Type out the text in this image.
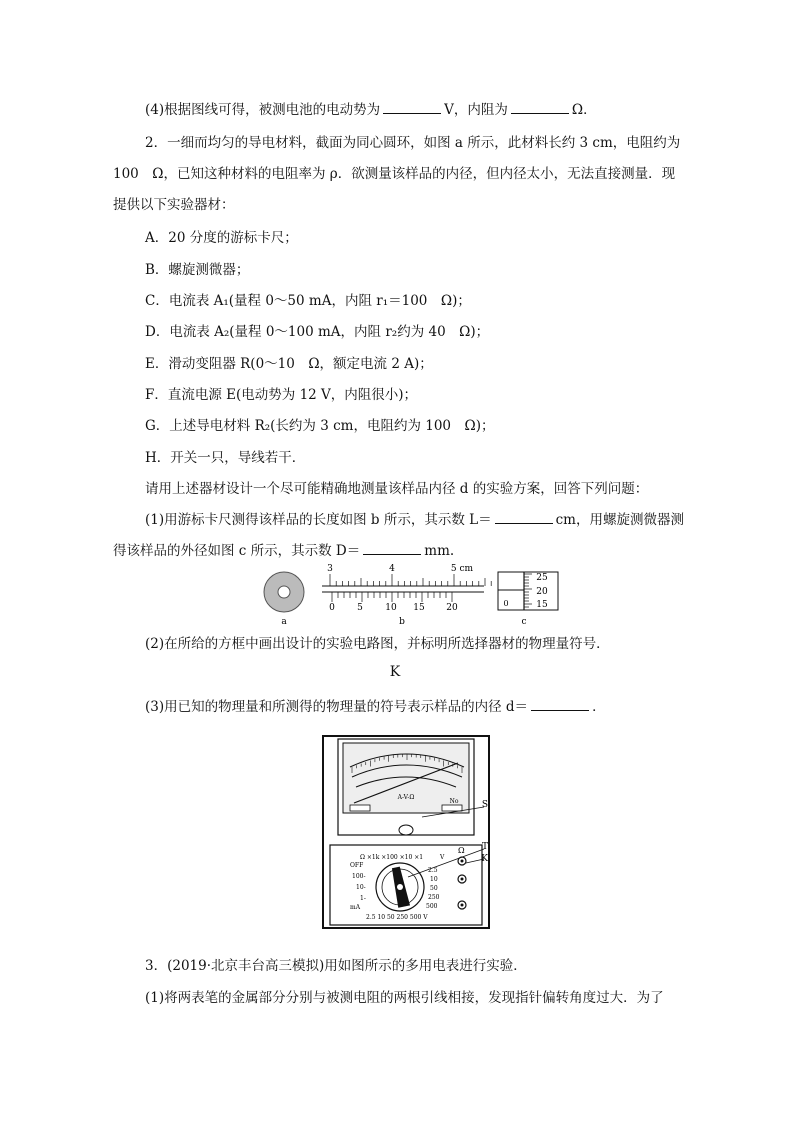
(4)根据图线可得，被测电池的电动势为	V，内阻为	Ω．
2．一细而均匀的导电材料，截面为同心圆环，如图 a 所示，此材料长约 3 cm，电阻约为
100　Ω，已知这种材料的电阻率为 ρ．欲测量该样品的内径，但内径太小，无法直接测量．现
提供以下实验器材：
A．20 分度的游标卡尺；
B．螺旋测微器；
C．电流表 A₁(量程 0～50 mA，内阻 r₁＝100　Ω)；
D．电流表 A₂(量程 0～100 mA，内阻 r₂约为 40　Ω)；
E．滑动变阻器 R(0～10　Ω，额定电流 2 A)；
F．直流电源 E(电动势为 12 V，内阻很小)；
G．上述导电材料 R₂(长约为 3 cm，电阻约为 100　Ω)；
H．开关一只，导线若干．
请用上述器材设计一个尽可能精确地测量该样品内径 d 的实验方案，回答下列问题：
(1)用游标卡尺测得该样品的长度如图 b 所示，其示数 L＝	cm，用螺旋测微器测
得该样品的外径如图 c 所示，其示数 D＝	mm.
a
3	4	5 cm
0 5 10 15 20
b
25
20
15
0
c
(2)在所给的方框中画出设计的实验电路图，并标明所选择器材的物理量符号．
K
(3)用已知的物理量和所测得的物理量的符号表示样品的内径 d＝	．
A-V-Ω
No	S
Ω ×1k ×100 ×10 ×1	V
OFF
100-
10-
1-
2.5
10
50
250
500
mA
2.5 10 50 250 500 V
Ω T
K
3．(2019·北京丰台高三模拟)用如图所示的多用电表进行实验．
(1)将两表笔的金属部分分别与被测电阻的两根引线相接，发现指针偏转角度过大．为了
